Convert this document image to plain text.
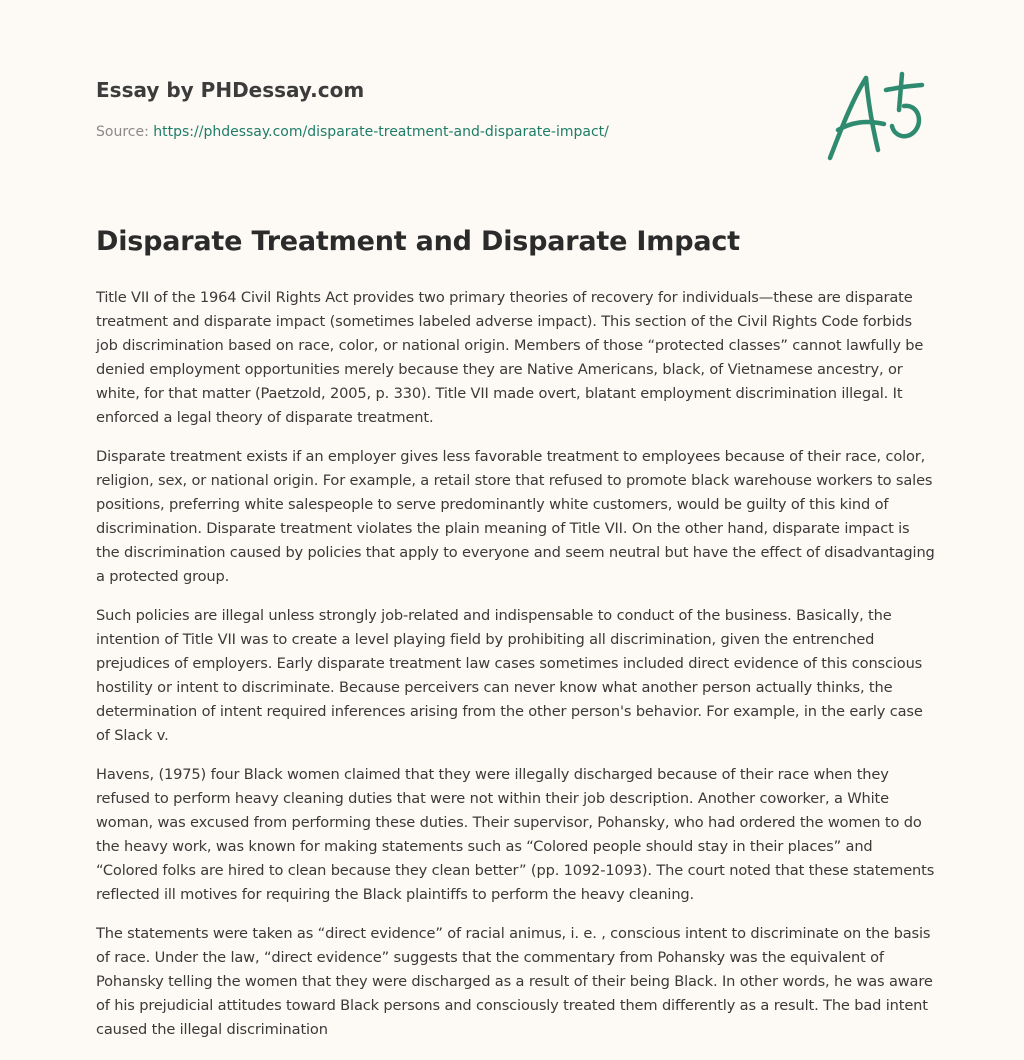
Essay by PHDessay.com
Source: https://phdessay.com/disparate-treatment-and-disparate-impact/
Disparate Treatment and Disparate Impact

Title VII of the 1964 Civil Rights Act provides two primary theories of recovery for individuals—these are disparate treatment and disparate impact (sometimes labeled adverse impact). This section of the Civil Rights Code forbids job discrimination based on race, color, or national origin. Members of those “protected classes” cannot lawfully be denied employment opportunities merely because they are Native Americans, black, of Vietnamese ancestry, or white, for that matter (Paetzold, 2005, p. 330). Title VII made overt, blatant employment discrimination illegal. It enforced a legal theory of disparate treatment.

Disparate treatment exists if an employer gives less favorable treatment to employees because of their race, color, religion, sex, or national origin. For example, a retail store that refused to promote black warehouse workers to sales positions, preferring white salespeople to serve predominantly white customers, would be guilty of this kind of discrimination. Disparate treatment violates the plain meaning of Title VII. On the other hand, disparate impact is the discrimination caused by policies that apply to everyone and seem neutral but have the effect of disadvantaging a protected group.

Such policies are illegal unless strongly job-related and indispensable to conduct of the business. Basically, the intention of Title VII was to create a level playing field by prohibiting all discrimination, given the entrenched prejudices of employers. Early disparate treatment law cases sometimes included direct evidence of this conscious hostility or intent to discriminate. Because perceivers can never know what another person actually thinks, the determination of intent required inferences arising from the other person's behavior. For example, in the early case of Slack v.

Havens, (1975) four Black women claimed that they were illegally discharged because of their race when they refused to perform heavy cleaning duties that were not within their job description. Another coworker, a White woman, was excused from performing these duties. Their supervisor, Pohansky, who had ordered the women to do the heavy work, was known for making statements such as “Colored people should stay in their places” and “Colored folks are hired to clean because they clean better” (pp. 1092-1093). The court noted that these statements reflected ill motives for requiring the Black plaintiffs to perform the heavy cleaning.

The statements were taken as “direct evidence” of racial animus, i. e. , conscious intent to discriminate on the basis of race. Under the law, “direct evidence” suggests that the commentary from Pohansky was the equivalent of Pohansky telling the women that they were discharged as a result of their being Black. In other words, he was aware of his prejudicial attitudes toward Black persons and consciously treated them differently as a result. The bad intent caused the illegal discrimination
